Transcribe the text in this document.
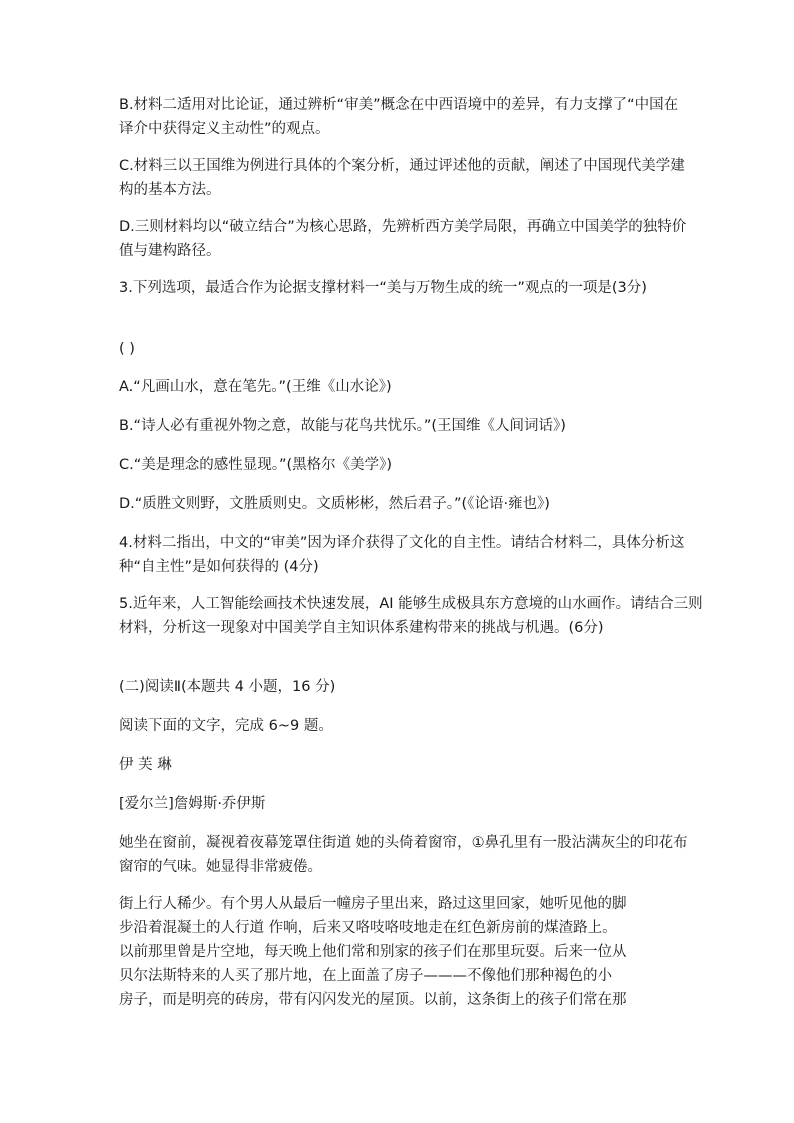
B.材料二适用对比论证，通过辨析“审美”概念在中西语境中的差异，有力支撑了“中国在译介中获得定义主动性”的观点。

C.材料三以王国维为例进行具体的个案分析，通过评述他的贡献，阐述了中国现代美学建构的基本方法。

D.三则材料均以“破立结合”为核心思路，先辨析西方美学局限，再确立中国美学的独特价值与建构路径。

3.下列选项，最适合作为论据支撑材料一“美与万物生成的统一”观点的一项是(3分)

( )

A.“凡画山水，意在笔先。”(王维《山水论》)

B.“诗人必有重视外物之意，故能与花鸟共忧乐。”(王国维《人间词话》)

C.“美是理念的感性显现。”(黑格尔《美学》)

D.“质胜文则野，文胜质则史。文质彬彬，然后君子。”(《论语·雍也》)

4.材料二指出，中文的“审美”因为译介获得了文化的自主性。请结合材料二，具体分析这种“自主性”是如何获得的 (4分)

5.近年来，人工智能绘画技术快速发展，AI 能够生成极具东方意境的山水画作。请结合三则材料，分析这一现象对中国美学自主知识体系建构带来的挑战与机遇。(6分)

(二)阅读Ⅱ(本题共 4 小题，16 分)

阅读下面的文字，完成 6~9 题。

伊 芙 琳

[爱尔兰]詹姆斯·乔伊斯

她坐在窗前，凝视着夜幕笼罩住街道 她的头倚着窗帘，①鼻孔里有一股沾满灰尘的印花布窗帘的气味。她显得非常疲倦。

街上行人稀少。有个男人从最后一幢房子里出来，路过这里回家，她听见他的脚
步沿着混凝土的人行道 作响，后来又咯吱咯吱地走在红色新房前的煤渣路上。
以前那里曾是片空地，每天晚上他们常和别家的孩子们在那里玩耍。后来一位从
贝尔法斯特来的人买了那片地，在上面盖了房子———不像他们那种褐色的小
房子，而是明亮的砖房，带有闪闪发光的屋顶。以前，这条街上的孩子们常在那
